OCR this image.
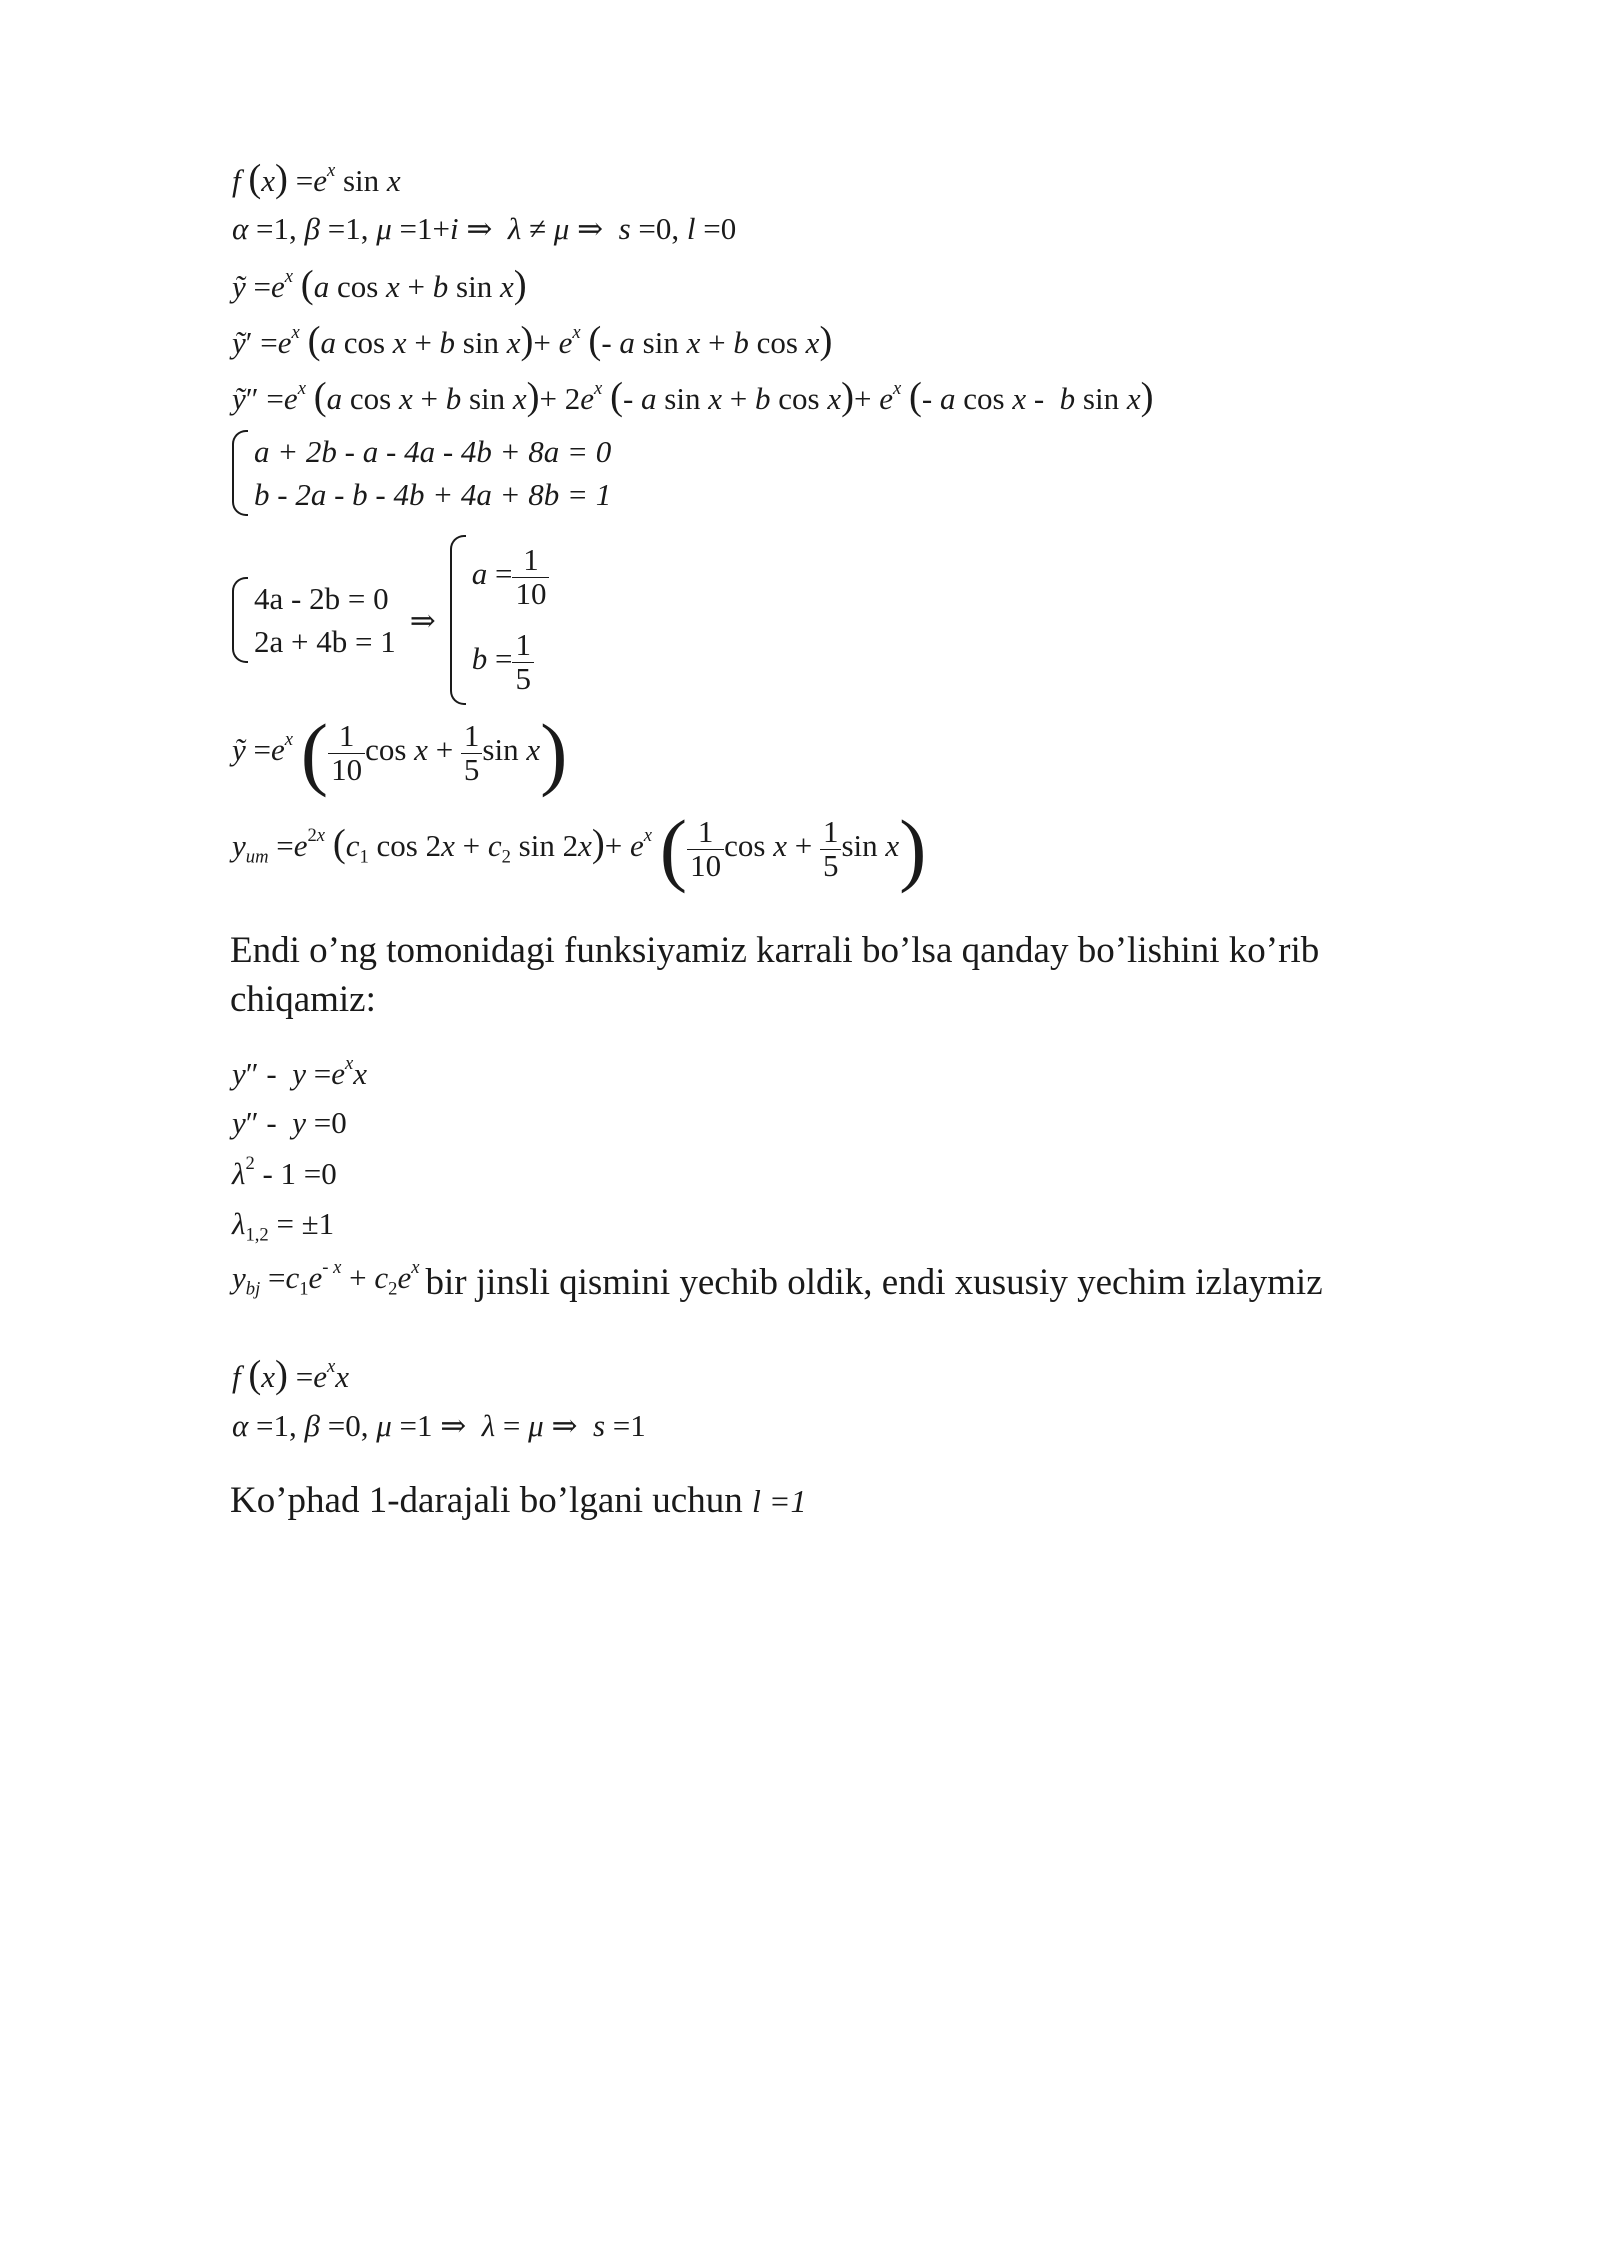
f $(x) =e^x$ sin x
α =1, β =1, μ =1+i ⇒  λ ≠ μ ⇒  s =0, l =0
ỹ $=e^x$ (a cos x + b sin x)
ỹ′ $=e^x$ (a cos x + b $\sin x)+ e^x$ (- a sin x + b cos x)
ỹ″ $=e^x$ (a cos x + b $\sin x)+ 2e^x$ (- a sin x + b $\cos x)+ e^x$ (- a cos x -  b sin x)
a + 2b - a - 4a - 4b + 8a = 0
b - 2a - b - 4b + 4a + 8b = 1
4a - 2b = 0
2a + 4b = 1
⇒
$a = \frac{1}{10}$
$b = \frac{1}{5}$
ỹ $=e^x$ ( $\frac{1}{10}$ $\cos x + \frac{1}{5}$ sin x)
$y_{um} =e^{2x}$ ($c_1$ $\cos 2x + c_2$ $\sin 2x)+ e^x$ ( $\frac{1}{10}$ $\cos x + \frac{1}{5}$ sin x)
Endi o’ng tomonidagi funksiyamiz karrali bo’lsa qanday bo’lishini ko’rib chiqamiz:
$y'' - y =e^xx$
y″ -  y =0
$\lambda^2 - 1 =0$
$\lambda_{1,2} = \pm 1$
$y_{bj} =c_1e^{- x} + c_2e^x$ bir jinsli qismini yechib oldik, endi xususiy yechim izlaymiz
f $(x) =e^xx$
α =1, β =0, μ =1 ⇒  λ = μ ⇒  s =1
Ko’phad 1-darajali bo’lgani uchun l =1
